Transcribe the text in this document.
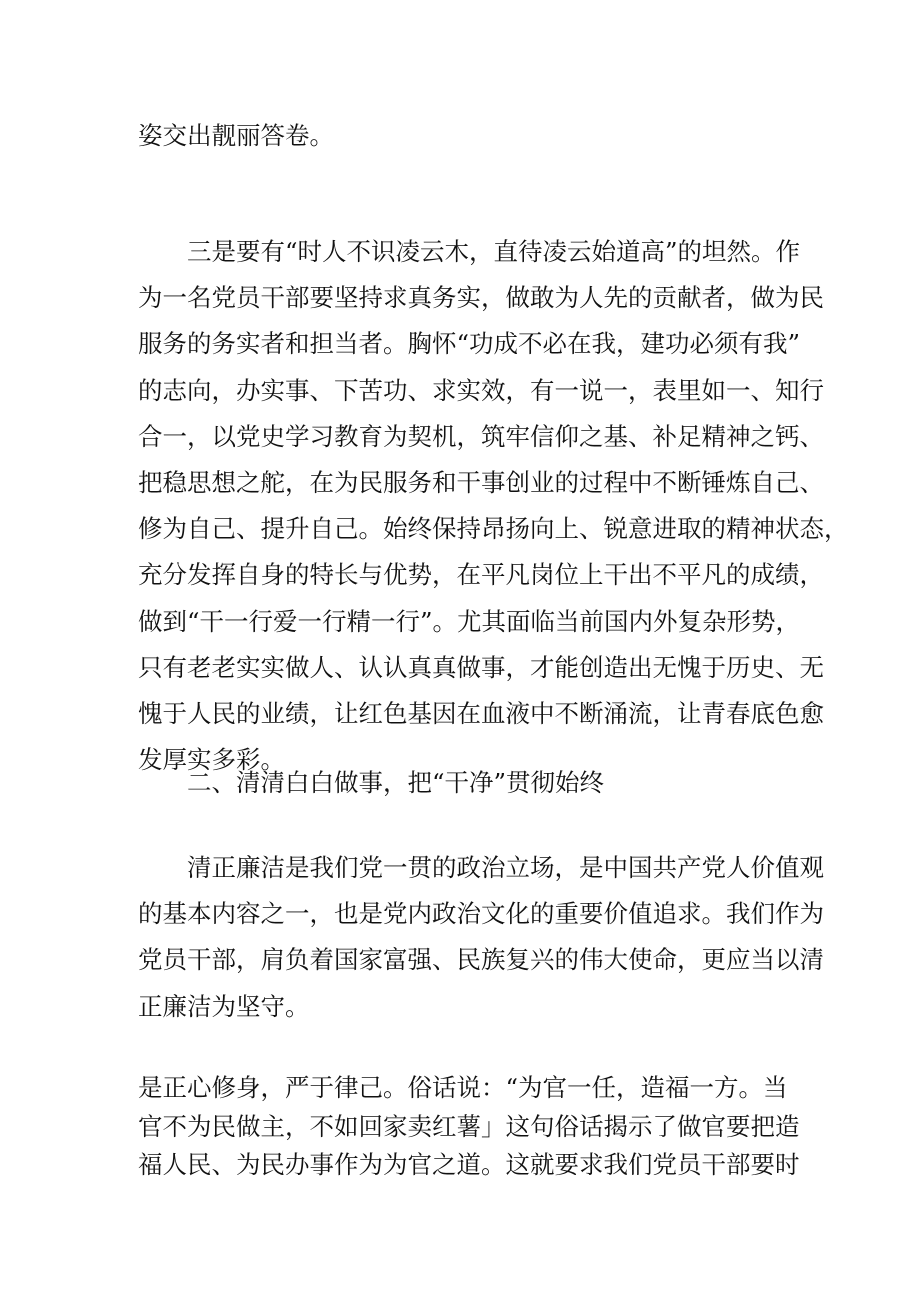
姿交出靓丽答卷。

　　三是要有“时人不识凌云木，直待凌云始道高”的坦然。作
为一名党员干部要坚持求真务实，做敢为人先的贡献者，做为民
服务的务实者和担当者。胸怀“功成不必在我，建功必须有我”
的志向，办实事、下苦功、求实效，有一说一，表里如一、知行
合一，以党史学习教育为契机，筑牢信仰之基、补足精神之钙、
把稳思想之舵，在为民服务和干事创业的过程中不断锤炼自己、
修为自己、提升自己。始终保持昂扬向上、锐意进取的精神状态，
充分发挥自身的特长与优势，在平凡岗位上干出不平凡的成绩，
做到“干一行爱一行精一行”。尤其面临当前国内外复杂形势，
只有老老实实做人、认认真真做事，才能创造出无愧于历史、无
愧于人民的业绩，让红色基因在血液中不断涌流，让青春底色愈
发厚实多彩。

　　二、清清白白做事，把“干净”贯彻始终

　　清正廉洁是我们党一贯的政治立场，是中国共产党人价值观
的基本内容之一，也是党内政治文化的重要价值追求。我们作为
党员干部，肩负着国家富强、民族复兴的伟大使命，更应当以清
正廉洁为坚守。

是正心修身，严于律己。俗话说：“为官一任，造福一方。当
官不为民做主，不如回家卖红薯」这句俗话揭示了做官要把造
福人民、为民办事作为为官之道。这就要求我们党员干部要时
